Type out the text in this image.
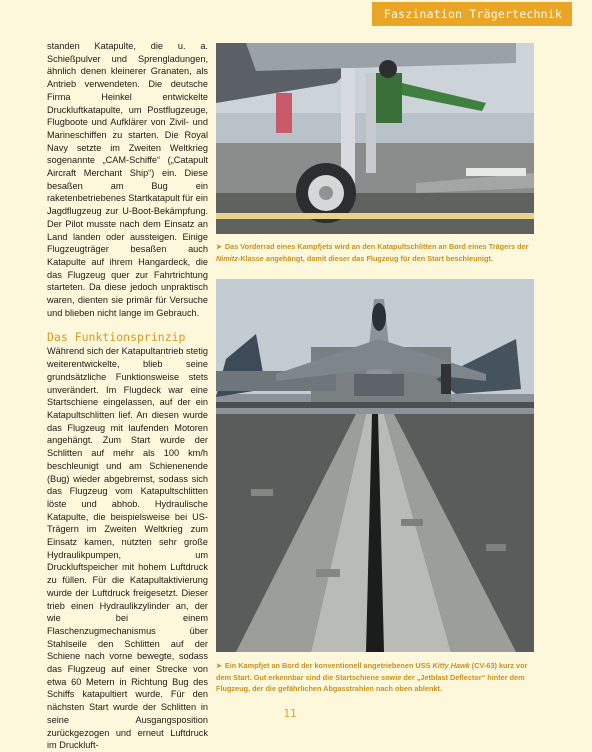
Faszination Trägertechnik

standen Katapulte, die u. a. Schießpulver und Sprengladungen, ähnlich denen kleinerer Granaten, als Antrieb verwendeten. Die deutsche Firma Heinkel entwickelte Druckluftkatapulte, um Postflugzeuge, Flugboote und Aufklärer von Zivil- und Marineschiffen zu starten. Die Royal Navy setzte im Zweiten Weltkrieg sogenannte „CAM-Schiffe“ („Catapult Aircraft Merchant Ship“) ein. Diese besaßen am Bug ein raketenbetriebenes Startkatapult für ein Jagdflugzeug zur U-Boot-Bekämpfung. Der Pilot musste nach dem Einsatz an Land landen oder aussteigen. Einige Flugzeugträger besaßen auch Katapulte auf ihrem Hangardeck, die das Flugzeug quer zur Fahrtrichtung starteten. Da diese jedoch unpraktisch waren, dienten sie primär für Versuche und blieben nicht lange im Gebrauch.

Das Funktionsprinzip

Während sich der Katapultantrieb stetig weiterentwickelte, blieb seine grundsätzliche Funktionsweise stets unverändert. Im Flugdeck war eine Startschiene eingelassen, auf der ein Katapultschlitten lief. An diesen wurde das Flugzeug mit laufenden Motoren angehängt. Zum Start wurde der Schlitten auf mehr als 100 km/h beschleunigt und am Schienenende (Bug) wieder abgebremst, sodass sich das Flugzeug vom Katapultschlitten löste und abhob. Hydraulische Katapulte, die beispielsweise bei US-Trägern im Zweiten Weltkrieg zum Einsatz kamen, nutzten sehr große Hydraulikpumpen, um Druckluftspeicher mit hohem Luftdruck zu füllen. Für die Katapultaktivierung wurde der Luftdruck freigesetzt. Dieser trieb einen Hydraulikzylinder an, der wie bei einem Flaschenzugmechanismus über Stahlseile den Schlitten auf der Schiene nach vorne bewegte, sodass das Flugzeug auf einer Strecke von etwa 60 Metern in Richtung Bug des Schiffs katapultiert wurde. Für den nächsten Start wurde der Schlitten in seine Ausgangsposition zurückgezogen und erneut Luftdruck im Druckluft-

➤ Das Vorderrad eines Kampfjets wird an den Katapultschlitten an Bord eines Trägers der Nimitz-Klasse angehängt, damit dieser das Flugzeug für den Start beschleunigt.
➤ Ein Kampfjet an Bord der konventionell angetriebenen USS Kitty Hawk (CV-63) kurz vor dem Start. Gut erkennbar sind die Startschiene sowie der „Jetblast Deflector“ hinter dem Flugzeug, der die gefährlichen Abgasstrahlen nach oben ablenkt.
11
